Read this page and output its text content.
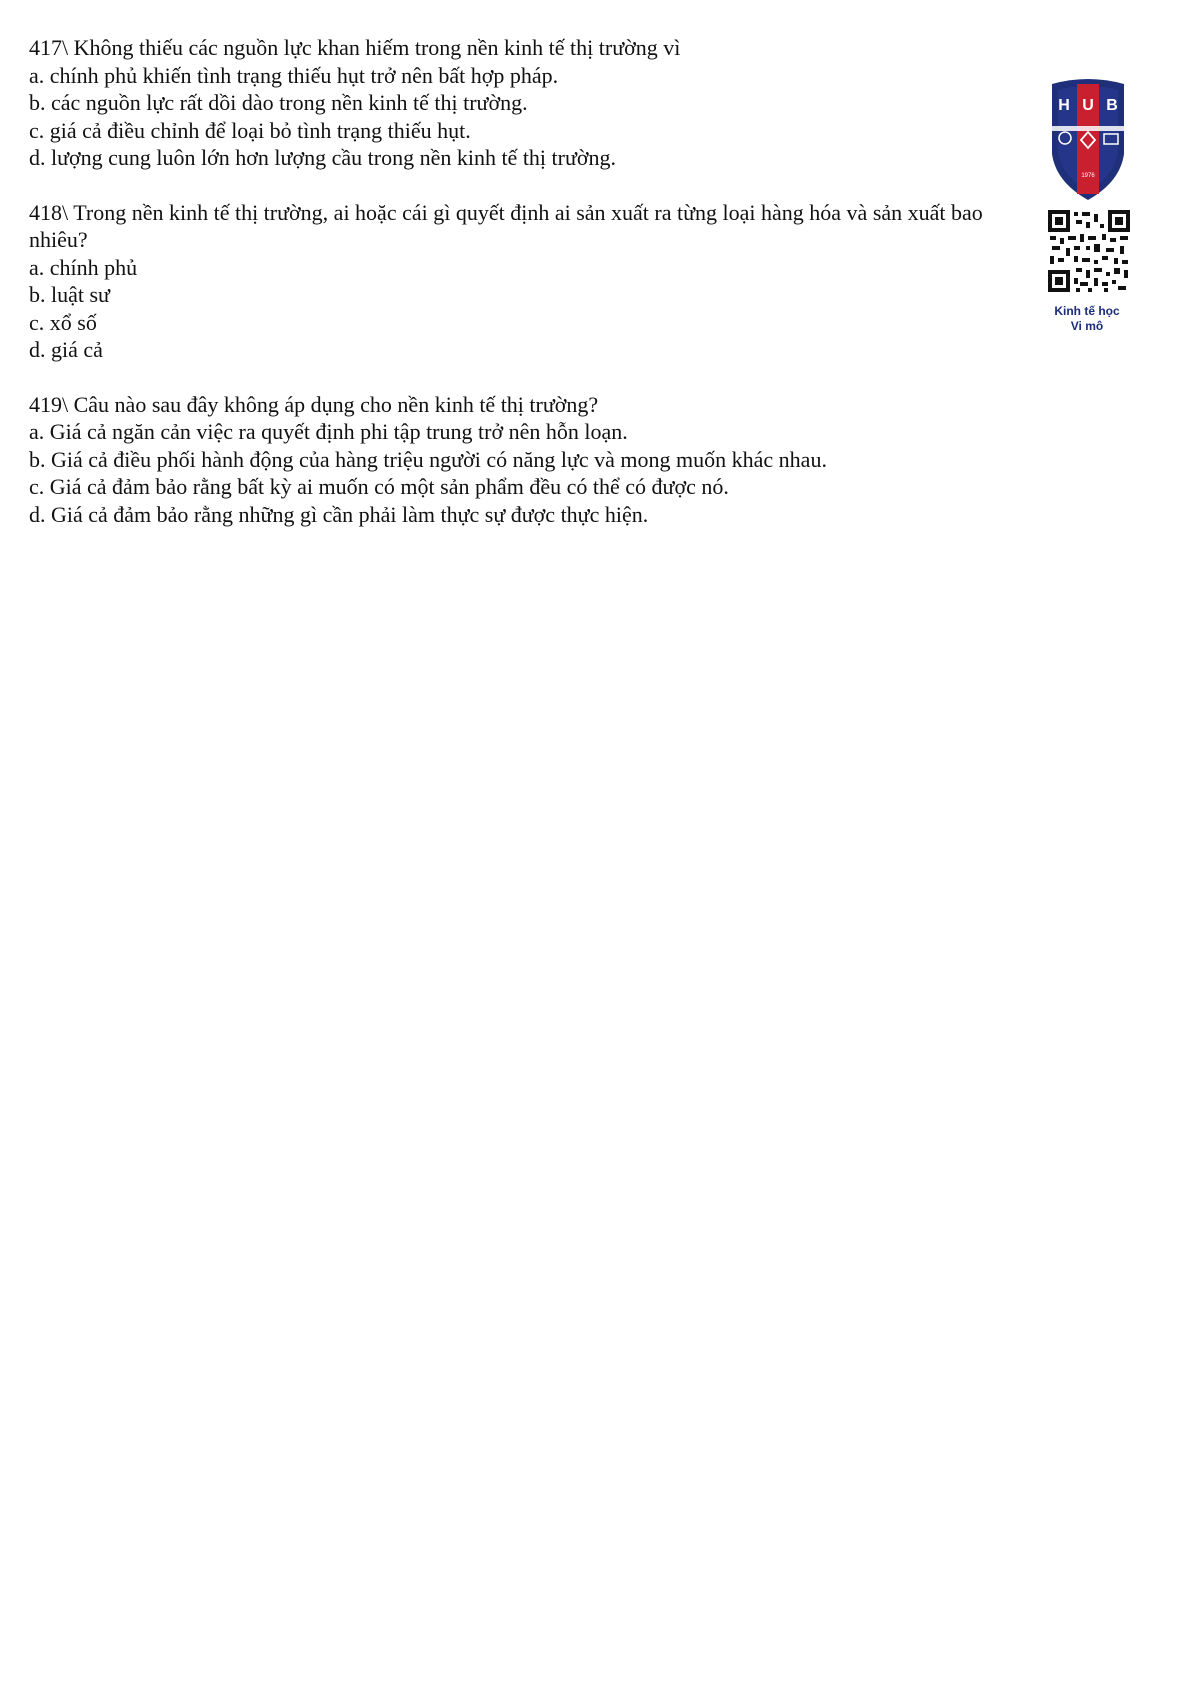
417\ Không thiếu các nguồn lực khan hiếm trong nền kinh tế thị trường vì
a. chính phủ khiến tình trạng thiếu hụt trở nên bất hợp pháp.
b. các nguồn lực rất dồi dào trong nền kinh tế thị trường.
c. giá cả điều chỉnh để loại bỏ tình trạng thiếu hụt.
d. lượng cung luôn lớn hơn lượng cầu trong nền kinh tế thị trường.
418\ Trong nền kinh tế thị trường, ai hoặc cái gì quyết định ai sản xuất ra từng loại hàng hóa và sản xuất bao nhiêu?
a. chính phủ
b. luật sư
c. xổ số
d. giá cả
419\ Câu nào sau đây không áp dụng cho nền kinh tế thị trường?
a. Giá cả ngăn cản việc ra quyết định phi tập trung trở nên hỗn loạn.
b. Giá cả điều phối hành động của hàng triệu người có năng lực và mong muốn khác nhau.
c. Giá cả đảm bảo rằng bất kỳ ai muốn có một sản phẩm đều có thể có được nó.
d. Giá cả đảm bảo rằng những gì cần phải làm thực sự được thực hiện.
H U B
1976
Kinh tế học
Vi mô
